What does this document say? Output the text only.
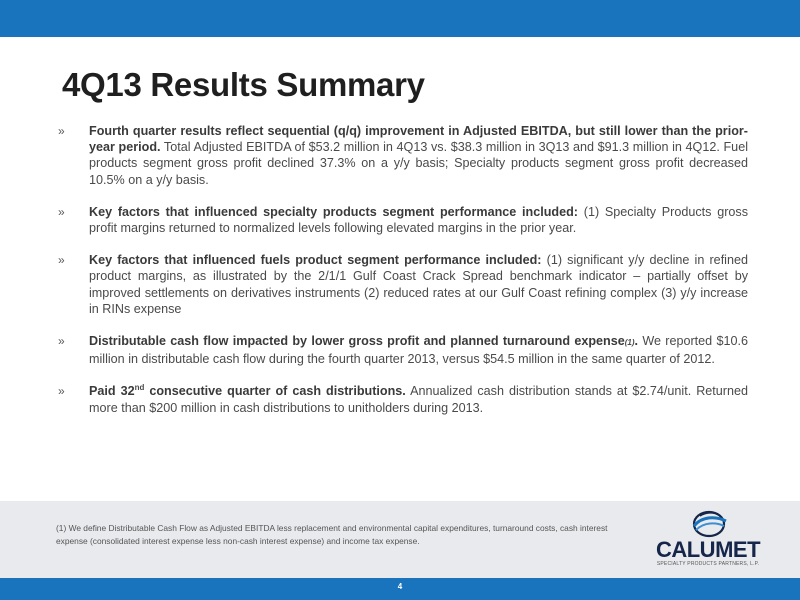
4Q13 Results Summary
» Fourth quarter results reflect sequential (q/q) improvement in Adjusted EBITDA, but still lower than the prior-year period. Total Adjusted EBITDA of $53.2 million in 4Q13 vs. $38.3 million in 3Q13 and $91.3 million in 4Q12. Fuel products segment gross profit declined 37.3% on a y/y basis; Specialty products segment gross profit decreased 10.5% on a y/y basis.
» Key factors that influenced specialty products segment performance included: (1) Specialty Products gross profit margins returned to normalized levels following elevated margins in the prior year.
» Key factors that influenced fuels product segment performance included: (1) significant y/y decline in refined product margins, as illustrated by the 2/1/1 Gulf Coast Crack Spread benchmark indicator – partially offset by improved settlements on derivatives instruments (2) reduced rates at our Gulf Coast refining complex (3) y/y increase in RINs expense
» Distributable cash flow impacted by lower gross profit and planned turnaround expense(1). We reported $10.6 million in distributable cash flow during the fourth quarter 2013, versus $54.5 million in the same quarter of 2012.
» Paid 32nd consecutive quarter of cash distributions. Annualized cash distribution stands at $2.74/unit. Returned more than $200 million in cash distributions to unitholders during 2013.

(1) We define Distributable Cash Flow as Adjusted EBITDA less replacement and environmental capital expenditures, turnaround costs, cash interest expense (consolidated interest expense less non-cash interest expense) and income tax expense.	CALUMET
SPECIALTY PRODUCTS PARTNERS, L.P.
4
